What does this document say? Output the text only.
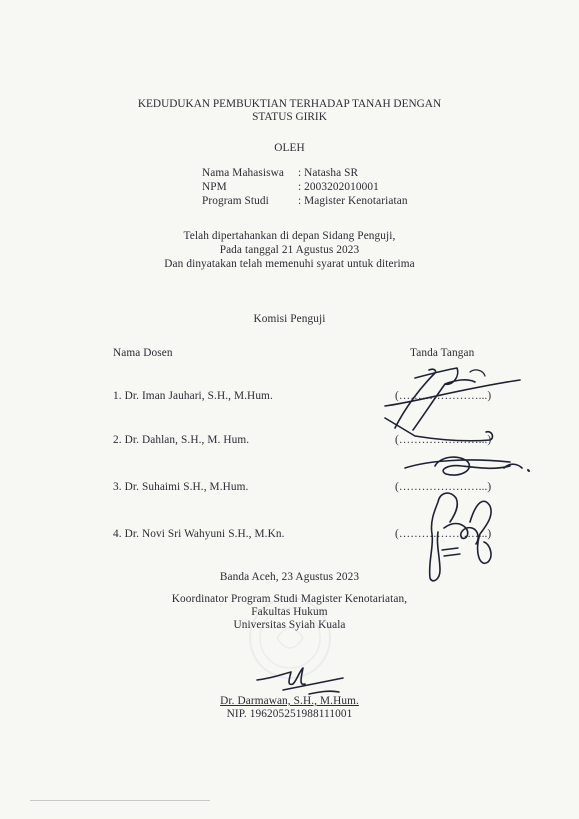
KEDUDUKAN PEMBUKTIAN TERHADAP TANAH DENGAN
STATUS GIRIK
OLEH
Nama Mahasiswa : Natasha SR
NPM	: 2003202010001
Program Studi	: Magister Kenotariatan
Telah dipertahankan di depan Sidang Penguji,
Pada tanggal 21 Agustus 2023
Dan dinyatakan telah memenuhi syarat untuk diterima
Komisi Penguji
Nama Dosen	Tanda Tangan
1. Dr. Iman Jauhari, S.H., M.Hum.	(…………………...)
2. Dr. Dahlan, S.H., M. Hum.	(…………………...)
3. Dr. Suhaimi S.H., M.Hum.	(…………………...)
4. Dr. Novi Sri Wahyuni S.H., M.Kn.	(…………………...)
Banda Aceh, 23 Agustus 2023
Koordinator Program Studi Magister Kenotariatan,
Fakultas Hukum
Universitas Syiah Kuala
Dr. Darmawan, S.H., M.Hum.
NIP. 196205251988111001
